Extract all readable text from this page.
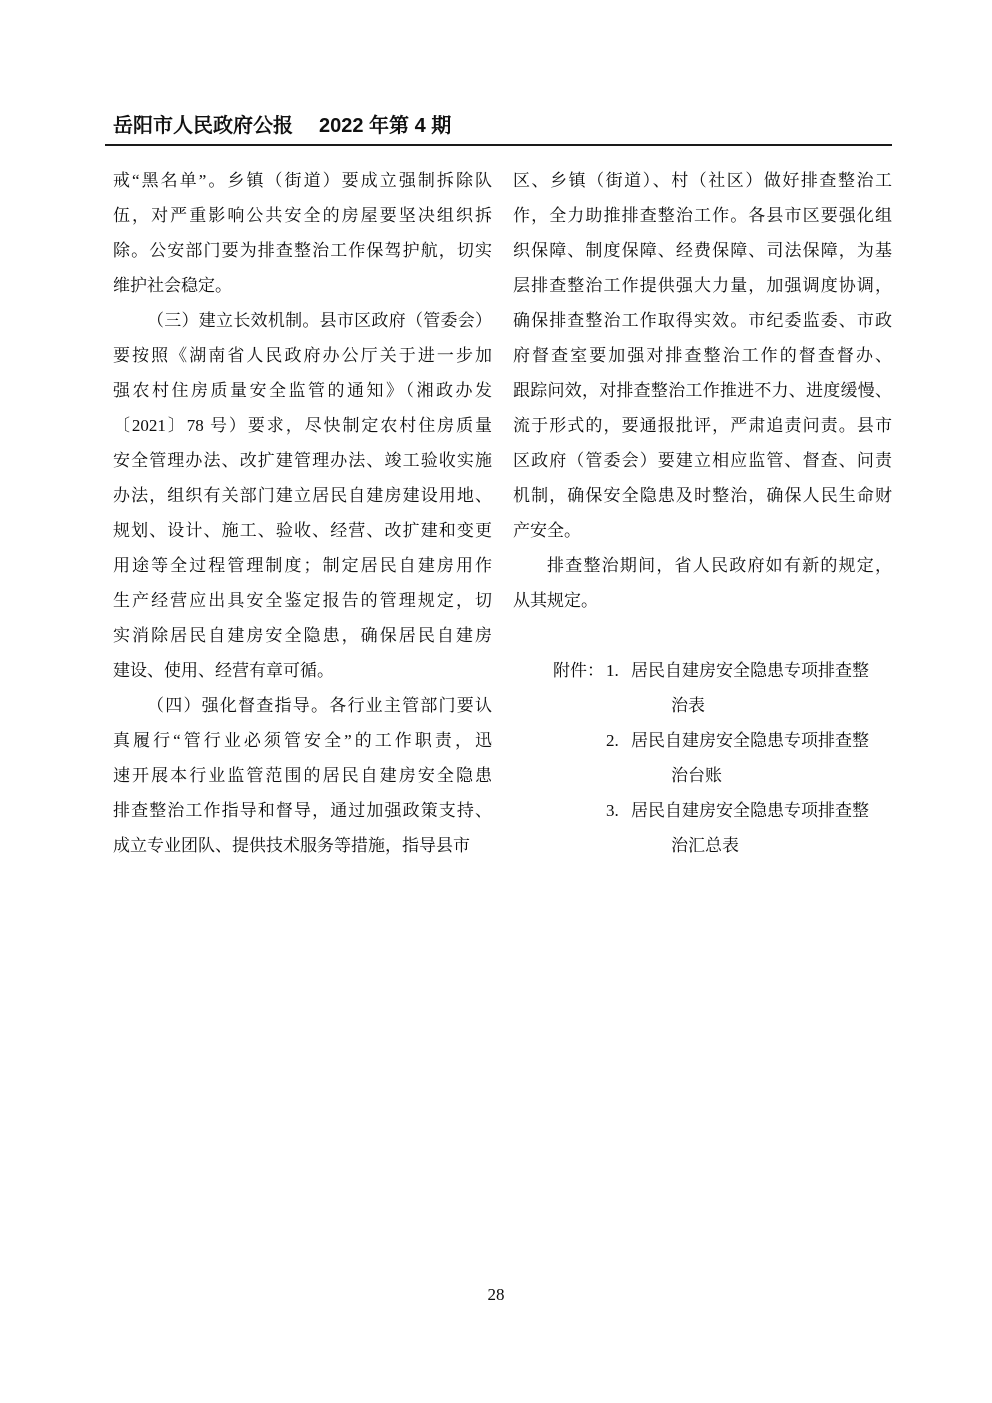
岳阳市人民政府公报 2022 年第 4 期
戒“黑名单”。乡镇（街道）要成立强制拆除队
伍，对严重影响公共安全的房屋要坚决组织拆
除。公安部门要为排查整治工作保驾护航，切实
维护社会稳定。
（三）建立长效机制。县市区政府（管委会）
要按照《湖南省人民政府办公厅关于进一步加
强农村住房质量安全监管的通知》（湘政办发
〔2021〕78 号）要求，尽快制定农村住房质量
安全管理办法、改扩建管理办法、竣工验收实施
办法，组织有关部门建立居民自建房建设用地、
规划、设计、施工、验收、经营、改扩建和变更
用途等全过程管理制度；制定居民自建房用作
生产经营应出具安全鉴定报告的管理规定，切
实消除居民自建房安全隐患，确保居民自建房
建设、使用、经营有章可循。
（四）强化督查指导。各行业主管部门要认
真履行“管行业必须管安全”的工作职责，迅
速开展本行业监管范围的居民自建房安全隐患
排查整治工作指导和督导，通过加强政策支持、
成立专业团队、提供技术服务等措施，指导县市
区、乡镇（街道）、村（社区）做好排查整治工
作，全力助推排查整治工作。各县市区要强化组
织保障、制度保障、经费保障、司法保障，为基
层排查整治工作提供强大力量，加强调度协调，
确保排查整治工作取得实效。市纪委监委、市政
府督查室要加强对排查整治工作的督查督办、
跟踪问效，对排查整治工作推进不力、进度缓慢、
流于形式的，要通报批评，严肃追责问责。县市
区政府（管委会）要建立相应监管、督查、问责
机制，确保安全隐患及时整治，确保人民生命财
产安全。
排查整治期间，省人民政府如有新的规定，
从其规定。
附件： 1. 居民自建房安全隐患专项排查整
治表
2. 居民自建房安全隐患专项排查整
治台账
3. 居民自建房安全隐患专项排查整
治汇总表
28
